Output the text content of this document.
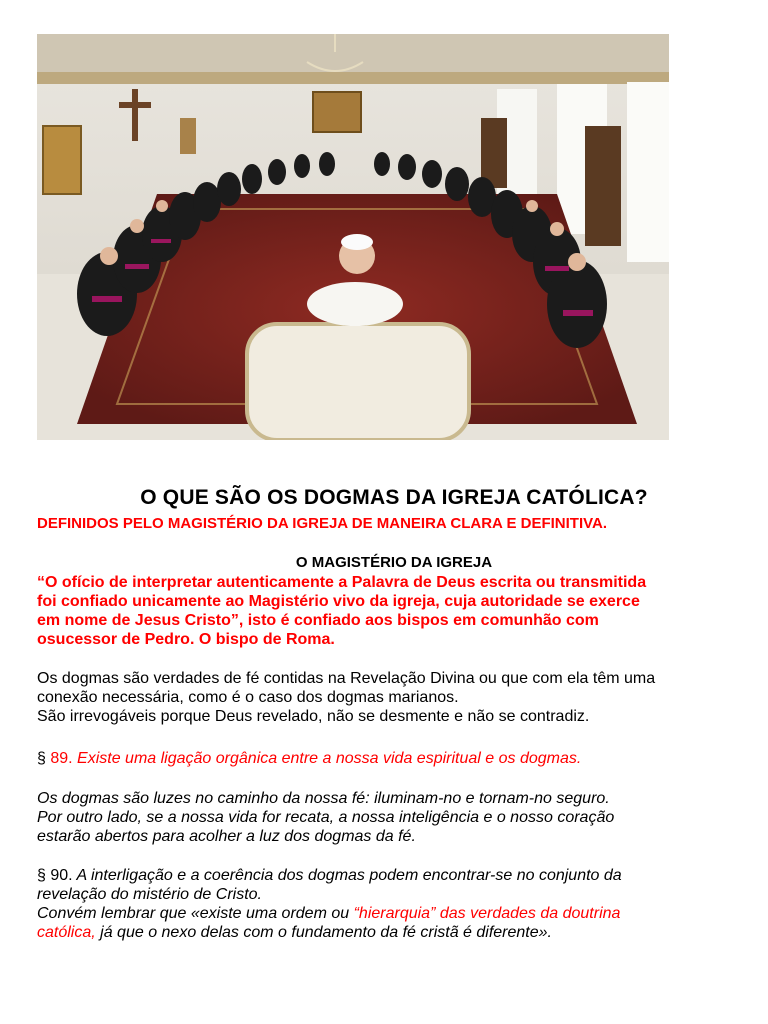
O QUE SÃO OS DOGMAS DA IGREJA CATÓLICA?
DEFINIDOS PELO MAGISTÉRIO DA IGREJA DE MANEIRA CLARA E DEFINITIVA.
O MAGISTÉRIO DA IGREJA
“O ofício de interpretar autenticamente a Palavra de Deus escrita ou transmitida
foi confiado unicamente ao Magistério vivo da igreja, cuja autoridade se exerce
em nome de Jesus Cristo”, isto é confiado aos bispos em comunhão com
osucessor de Pedro. O bispo de Roma.
Os dogmas são verdades de fé contidas na Revelação Divina ou que com ela têm uma
conexão necessária, como é o caso dos dogmas marianos.
São irrevogáveis porque Deus revelado, não se desmente e não se contradiz.
§ 89. Existe uma ligação orgânica entre a nossa vida espiritual e os dogmas.
Os dogmas são luzes no caminho da nossa fé: iluminam-no e tornam-no seguro.
Por outro lado, se a nossa vida for recata, a nossa inteligência e o nosso coração
estarão abertos para acolher a luz dos dogmas da fé.
§ 90. A interligação e a coerência dos dogmas podem encontrar-se no conjunto da
revelação do mistério de Cristo.
Convém lembrar que «existe uma ordem ou “hierarquia” das verdades da doutrina
católica, já que o nexo delas com o fundamento da fé cristã é diferente».
